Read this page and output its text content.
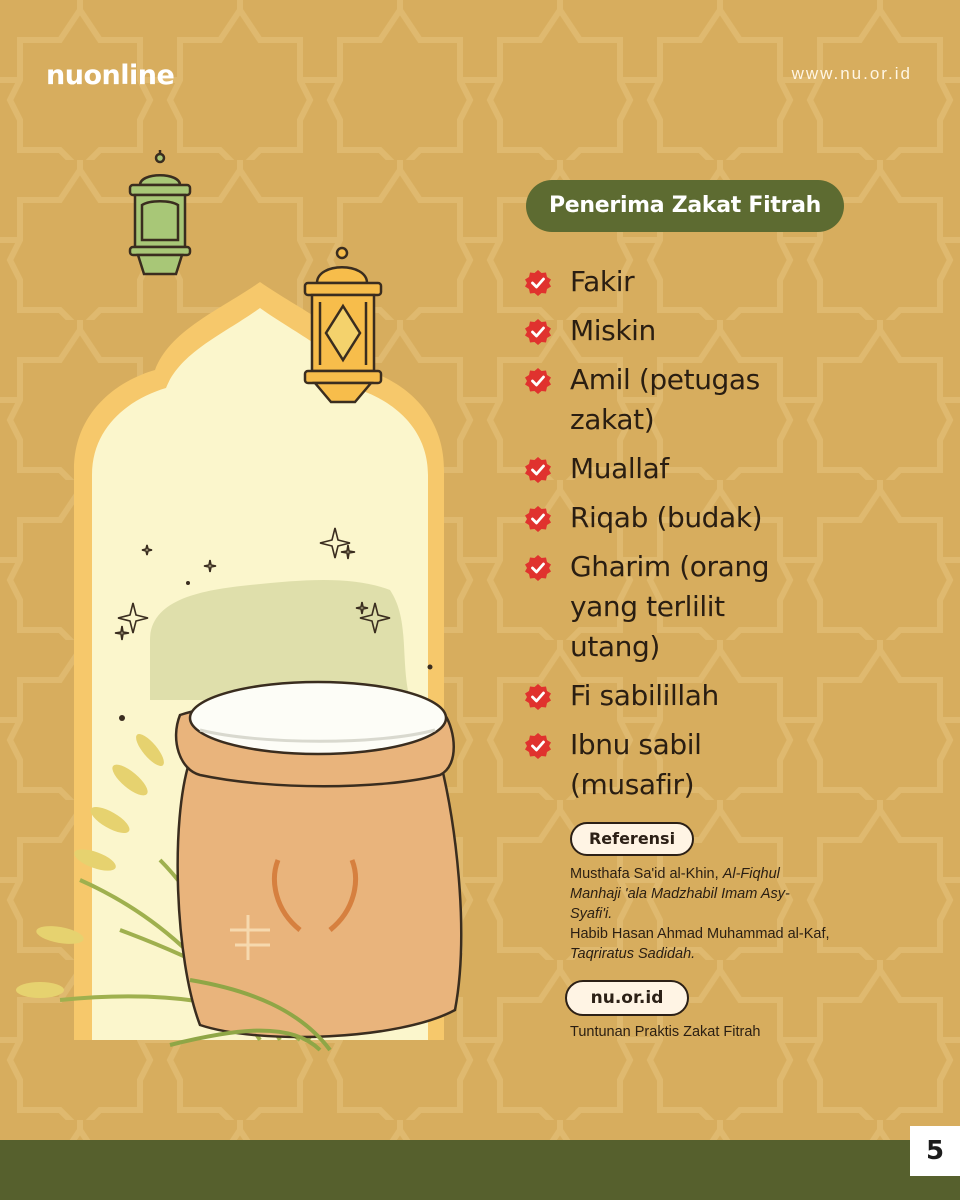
nuonline	www.nu.or.id
Penerima Zakat Fitrah
Fakir
Miskin
Amil (petugas zakat)
Muallaf
Riqab (budak)
Gharim (orang yang terlilit utang)
Fi sabilillah
Ibnu sabil (musafir)
Referensi
Musthafa Sa'id al-Khin, Al-Fiqhul Manhaji 'ala Madzhabil Imam Asy-Syafi'i.
Habib Hasan Ahmad Muhammad al-Kaf, Taqriratus Sadidah.
nu.or.id
Tuntunan Praktis Zakat Fitrah
5
